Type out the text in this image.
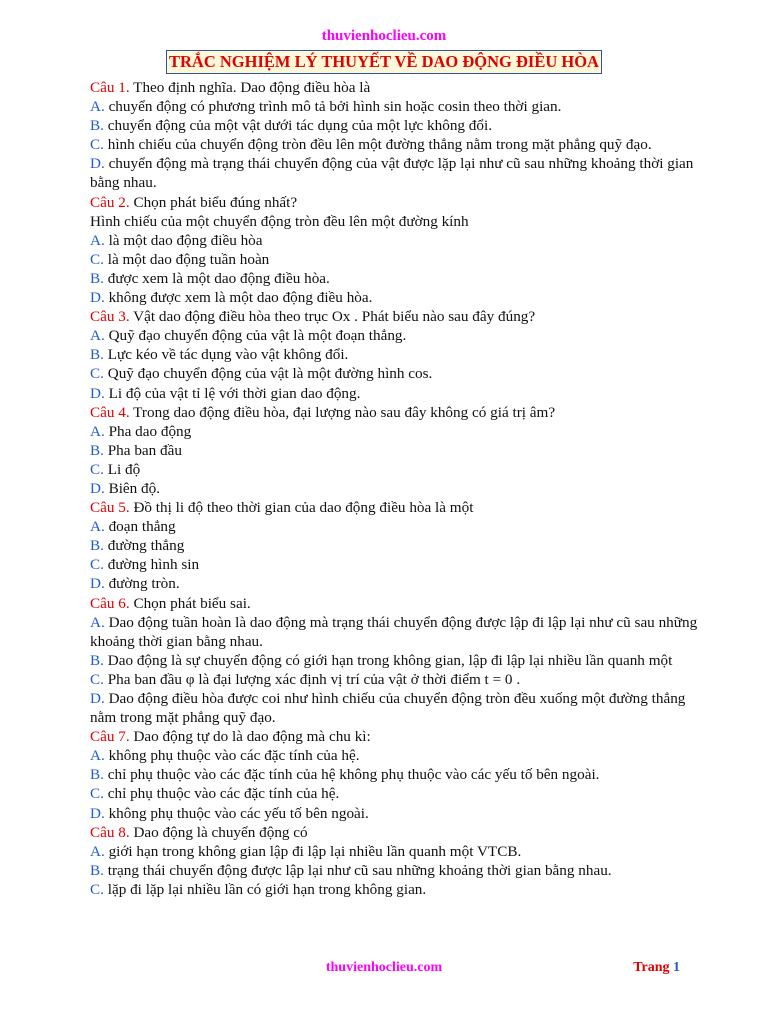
thuvienhoclieu.com
TRẮC NGHIỆM LÝ THUYẾT VỀ DAO ĐỘNG ĐIỀU HÒA

Câu 1. Theo định nghĩa. Dao động điều hòa là

A. chuyển động có phương trình mô tả bởi hình sin hoặc cosin theo thời gian.

B. chuyển động của một vật dưới tác dụng của một lực không đổi.

C. hình chiếu của chuyển động tròn đều lên một đường thẳng nằm trong mặt phẳng quỹ đạo.

D. chuyển động mà trạng thái chuyển động của vật được lặp lại như cũ sau những khoảng thời gian bằng nhau.

Câu 2. Chọn phát biểu đúng nhất?

Hình chiếu của một chuyển động tròn đều lên một đường kính

A. là một dao động điều hòa

C. là một dao động tuần hoàn

B. được xem là một dao động điều hòa.

D. không được xem là một dao động điều hòa.

Câu 3. Vật dao động điều hòa theo trục Ox . Phát biểu nào sau đây đúng?

A. Quỹ đạo chuyển động của vật là một đoạn thẳng.

B. Lực kéo về tác dụng vào vật không đổi.

C. Quỹ đạo chuyển động của vật là một đường hình cos.

D. Li độ của vật tỉ lệ với thời gian dao động.

Câu 4. Trong dao động điều hòa, đại lượng nào sau đây không có giá trị âm?

A. Pha dao động

B. Pha ban đầu

C. Li độ

D. Biên độ.

Câu 5. Đồ thị li độ theo thời gian của dao động điều hòa là một

A. đoạn thẳng

B. đường thẳng

C. đường hình sin

D. đường tròn.

Câu 6. Chọn phát biểu sai.

A. Dao động tuần hoàn là dao động mà trạng thái chuyển động được lập đi lập lại như cũ sau những khoảng thời gian bằng nhau.

B. Dao động là sự chuyển động có giới hạn trong không gian, lập đi lập lại nhiều lần quanh một

C. Pha ban đầu φ là đại lượng xác định vị trí của vật ở thời điểm t = 0 .

D. Dao động điều hòa được coi như hình chiếu của chuyển động tròn đều xuống một đường thẳng nằm trong mặt phẳng quỹ đạo.

Câu 7. Dao động tự do là dao động mà chu kì:

A. không phụ thuộc vào các đặc tính của hệ.

B. chỉ phụ thuộc vào các đặc tính của hệ không phụ thuộc vào các yếu tố bên ngoài.

C. chỉ phụ thuộc vào các đặc tính của hệ.

D. không phụ thuộc vào các yếu tố bên ngoài.

Câu 8. Dao động là chuyển động có

A. giới hạn trong không gian lập đi lập lại nhiều lần quanh một VTCB.

B. trạng thái chuyển động được lập lại như cũ sau những khoảng thời gian bằng nhau.

C. lặp đi lặp lại nhiều lần có giới hạn trong không gian.

thuvienhoclieu.com	Trang 1
